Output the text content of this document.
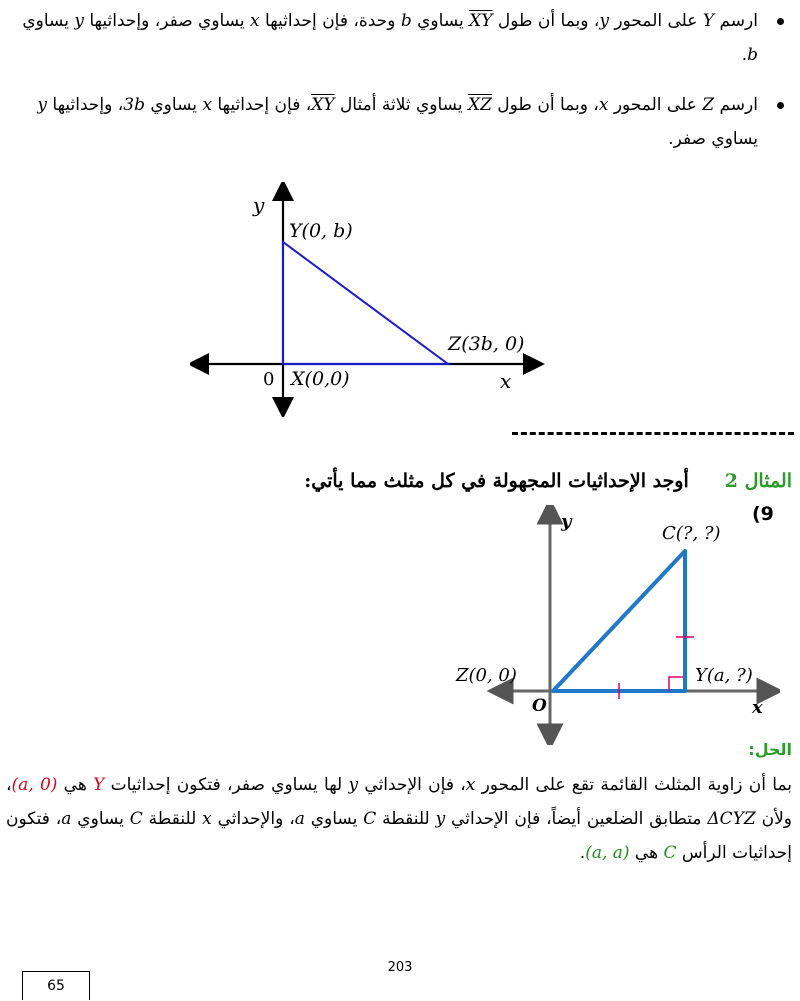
ارسم Y على المحور y، وبما أن طول $\overline{XY}$ يساوي b وحدة، فإن إحداثيها x يساوي صفر، وإحداثيها y يساوي b.
ارسم Z على المحور x، وبما أن طول $\overline{XZ}$ يساوي ثلاثة أمثال $\overline{XY}،$ فإن إحداثيها x يساوي 3b، وإحداثيها y يساوي صفر.
y
x
0
Y(0, b)
Z(3b, 0)
X(0,0)
المثال 2أوجد الإحداثيات المجهولة في كل مثلث مما يأتي:
(9
y
x
O
C(?, ?)
Z(0, 0)	Y(a, ?)
الحل:
بما أن زاوية المثلث القائمة تقع على المحور x، فإن الإحداثي y لها يساوي صفر، فتكون إحداثيات Y هي (a, 0)، ولأن ΔCYZ متطابق الضلعين أيضاً، فإن الإحداثي y للنقطة C يساوي a، والإحداثي x للنقطة C يساوي a، فتكون إحداثيات الرأس C هي (a, a).
203
65
